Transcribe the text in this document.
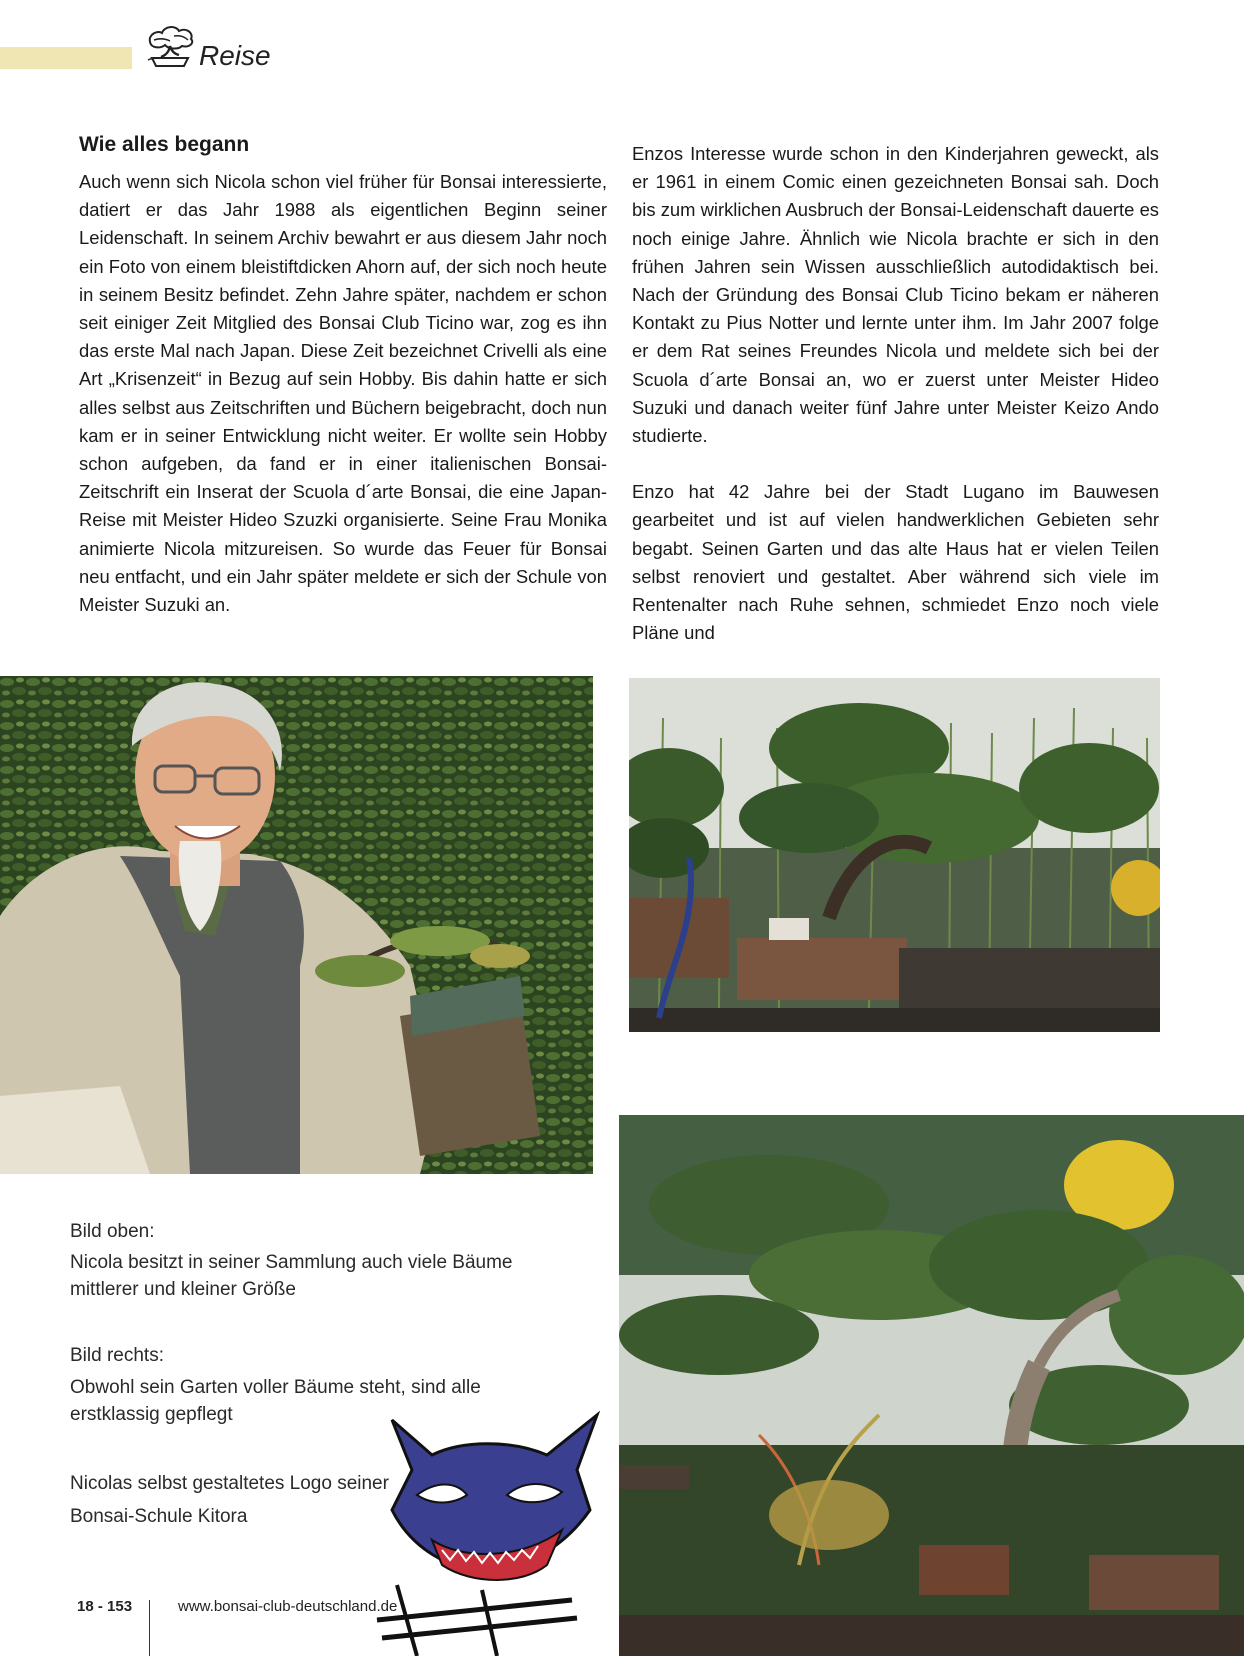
Reise
Wie alles begann

Auch wenn sich Nicola schon viel früher für Bonsai interessierte, datiert er das Jahr 1988 als eigentlichen Beginn seiner Leidenschaft. In seinem Archiv bewahrt er aus diesem Jahr noch ein Foto von einem bleistiftdicken Ahorn auf, der sich noch heute in seinem Besitz befindet. Zehn Jahre später, nachdem er schon seit einiger Zeit Mitglied des Bonsai Club Ticino war, zog es ihn das erste Mal nach Japan. Diese Zeit bezeichnet Crivelli als eine Art „Krisenzeit“ in Bezug auf sein Hobby. Bis dahin hatte er sich alles selbst aus Zeitschriften und Büchern beigebracht, doch nun kam er in seiner Entwicklung nicht weiter. Er wollte sein Hobby schon aufgeben, da fand er in einer italienischen Bonsai-Zeitschrift ein Inserat der Scuola d´arte Bonsai, die eine Japan-Reise mit Meister Hideo Szuzki organisierte. Seine Frau Monika animierte Nicola mitzureisen. So wurde das Feuer für Bonsai neu entfacht, und ein Jahr später meldete er sich der Schule von Meister Suzuki an.

Enzos Interesse wurde schon in den Kinderjahren geweckt, als er 1961 in einem Comic einen gezeichneten Bonsai sah. Doch bis zum wirklichen Ausbruch der Bonsai-Leidenschaft dauerte es noch einige Jahre. Ähnlich wie Nicola brachte er sich in den frühen Jahren sein Wissen ausschließlich autodidaktisch bei. Nach der Gründung des Bonsai Club Ticino bekam er näheren Kontakt zu Pius Notter und lernte unter ihm. Im Jahr 2007 folge er dem Rat seines Freundes Nicola und meldete sich bei der Scuola d´arte Bonsai an, wo er zuerst unter Meister Hideo Suzuki und danach weiter fünf Jahre unter Meister Keizo Ando studierte.

Enzo hat 42 Jahre bei der Stadt Lugano im Bauwesen gearbeitet und ist auf vielen handwerklichen Gebieten sehr begabt. Seinen Garten und das alte Haus hat er vielen Teilen selbst renoviert und gestaltet. Aber während sich viele im Rentenalter nach Ruhe sehnen, schmiedet Enzo noch viele Pläne und

Bild oben:
Nicola besitzt in seiner Sammlung auch viele Bäume mittlerer und kleiner Größe
Bild rechts:
Obwohl sein Garten voller Bäume steht, sind alle erstklassig gepflegt
Nicolas selbst gestaltetes Logo seiner Bonsai-Schule Kitora
18 - 153	www.bonsai-club-deutschland.de
